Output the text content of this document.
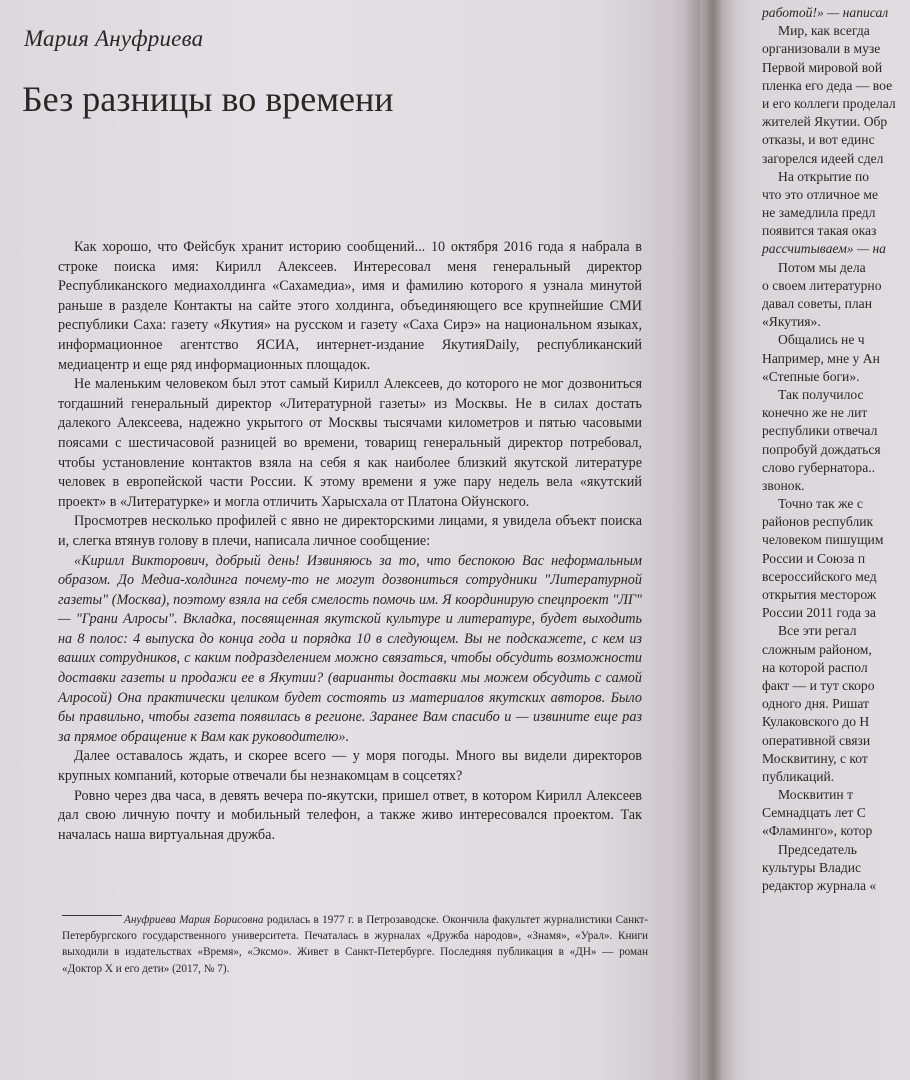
Мария Ануфриева
Без разницы во времени

Как хорошо, что Фейсбук хранит историю сообщений... 10 октября 2016 года я набрала в строке поиска имя: Кирилл Алексеев. Интересовал меня генеральный директор Республиканского медиахолдинга «Сахамедиа», имя и фамилию которого я узнала минутой раньше в разделе Контакты на сайте этого холдинга, объединяющего все крупнейшие СМИ республики Саха: газету «Якутия» на русском и газету «Саха Сирэ» на национальном языках, информационное агентство ЯСИА, интернет-издание ЯкутияDaily, республиканский медиацентр и еще ряд информационных площадок.

Не маленьким человеком был этот самый Кирилл Алексеев, до которого не мог дозвониться тогдашний генеральный директор «Литературной газеты» из Москвы. Не в силах достать далекого Алексеева, надежно укрытого от Москвы тысячами километров и пятью часовыми поясами с шестичасовой разницей во времени, товарищ генеральный директор потребовал, чтобы установление контактов взяла на себя я как наиболее близкий якутской литературе человек в европейской части России. К этому времени я уже пару недель вела «якутский проект» в «Литературке» и могла отличить Харысхала от Платона Ойунского.

Просмотрев несколько профилей с явно не директорскими лицами, я увидела объект поиска и, слегка втянув голову в плечи, написала личное сообщение:

«Кирилл Викторович, добрый день! Извиняюсь за то, что беспокою Вас неформальным образом. До Медиа-холдинга почему-то не могут дозвониться сотрудники "Литературной газеты" (Москва), поэтому взяла на себя смелость помочь им. Я координирую спецпроект "ЛГ" — "Грани Алросы". Вкладка, посвященная якутской культуре и литературе, будет выходить на 8 полос: 4 выпуска до конца года и порядка 10 в следующем. Вы не подскажете, с кем из ваших сотрудников, с каким подразделением можно связаться, чтобы обсудить возможности доставки газеты и продажи ее в Якутии? (варианты доставки мы можем обсудить с самой Алросой) Она практически целиком будет состоять из материалов якутских авторов. Было бы правильно, чтобы газета появилась в регионе. Заранее Вам спасибо и — извините еще раз за прямое обращение к Вам как руководителю».

Далее оставалось ждать, и скорее всего — у моря погоды. Много вы видели директоров крупных компаний, которые отвечали бы незнакомцам в соцсетях?

Ровно через два часа, в девять вечера по-якутски, пришел ответ, в котором Кирилл Алексеев дал свою личную почту и мобильный телефон, а также живо интересовался проектом. Так началась наша виртуальная дружба.

Ануфриева Мария Борисовна родилась в 1977 г. в Петрозаводске. Окончила факультет журналистики Санкт-Петербургского государственного университета. Печаталась в журналах «Дружба народов», «Знамя», «Урал». Книги выходили в издательствах «Время», «Эксмо». Живет в Санкт-Петербурге. Последняя публикация в «ДН» — роман «Доктор Х и его дети» (2017, № 7).

работой!» — написал
Мир, как всегда
организовали в музе
Первой мировой вой
пленка его деда — вое
и его коллеги проделал
жителей Якутии. Обр
отказы, и вот единс
загорелся идеей сдел
На открытие по
что это отличное ме
не замедлила предл
появится такая оказ
рассчитываем» — на
Потом мы дела
о своем литературно
давал советы, план
«Якутия».
Общались не ч
Например, мне у Ан
«Степные боги».
Так получилос
конечно же не лит
республики отвечал
попробуй дождаться
слово губернатора..
звонок.
Точно так же с
районов республик
человеком пишущим
России и Союза п
всероссийского мед
открытия месторож
России 2011 года за
Все эти регал
сложным районом,
на которой распол
факт — и тут скоро
одного дня. Ришат
Кулаковского до Н
оперативной связи
Москвитину, с кот
публикаций.
Москвитин т
Семнадцать лет С
«Фламинго», котор
Председатель
культуры Владис
редактор журнала «
